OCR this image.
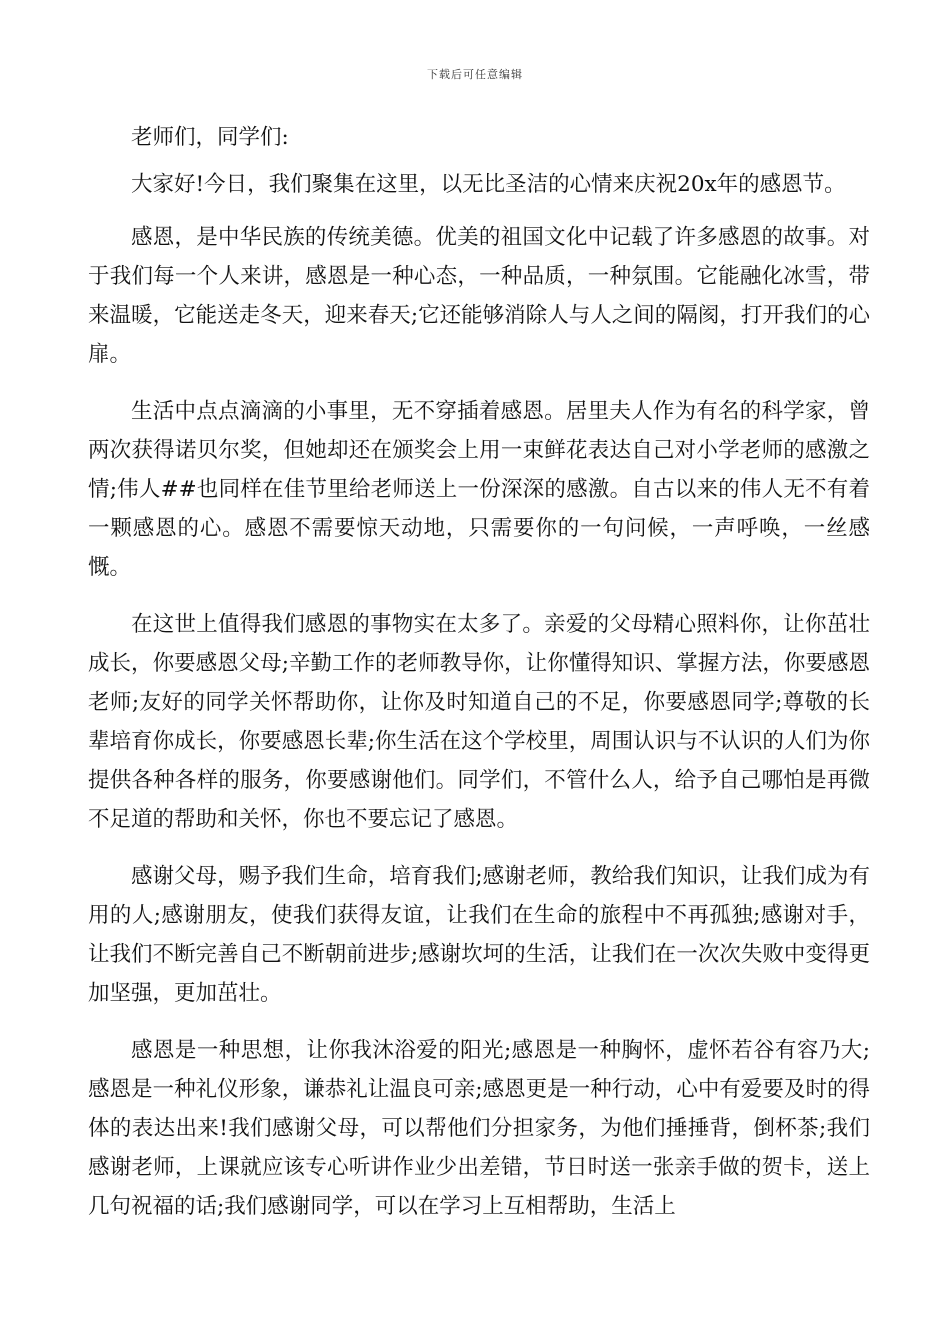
下载后可任意编辑

老师们，同学们:

大家好!今日，我们聚集在这里，以无比圣洁的心情来庆祝20x年的感恩节。

感恩，是中华民族的传统美德。优美的祖国文化中记载了许多感恩的故事。对于我们每一个人来讲，感恩是一种心态，一种品质，一种氛围。它能融化冰雪，带来温暖，它能送走冬天，迎来春天;它还能够消除人与人之间的隔阂，打开我们的心扉。

生活中点点滴滴的小事里，无不穿插着感恩。居里夫人作为有名的科学家，曾两次获得诺贝尔奖，但她却还在颁奖会上用一束鲜花表达自己对小学老师的感激之情;伟人##也同样在佳节里给老师送上一份深深的感激。自古以来的伟人无不有着一颗感恩的心。感恩不需要惊天动地，只需要你的一句问候，一声呼唤，一丝感慨。

在这世上值得我们感恩的事物实在太多了。亲爱的父母精心照料你，让你茁壮成长，你要感恩父母;辛勤工作的老师教导你，让你懂得知识、掌握方法，你要感恩老师;友好的同学关怀帮助你，让你及时知道自己的不足，你要感恩同学;尊敬的长辈培育你成长，你要感恩长辈;你生活在这个学校里，周围认识与不认识的人们为你提供各种各样的服务，你要感谢他们。同学们，不管什么人，给予自己哪怕是再微不足道的帮助和关怀，你也不要忘记了感恩。

感谢父母，赐予我们生命，培育我们;感谢老师，教给我们知识，让我们成为有用的人;感谢朋友，使我们获得友谊，让我们在生命的旅程中不再孤独;感谢对手，让我们不断完善自己不断朝前进步;感谢坎坷的生活，让我们在一次次失败中变得更加坚强，更加茁壮。

感恩是一种思想，让你我沐浴爱的阳光;感恩是一种胸怀，虚怀若谷有容乃大;感恩是一种礼仪形象，谦恭礼让温良可亲;感恩更是一种行动，心中有爱要及时的得体的表达出来!我们感谢父母，可以帮他们分担家务，为他们捶捶背，倒杯茶;我们感谢老师，上课就应该专心听讲作业少出差错，节日时送一张亲手做的贺卡，送上几句祝福的话;我们感谢同学，可以在学习上互相帮助，生活上
